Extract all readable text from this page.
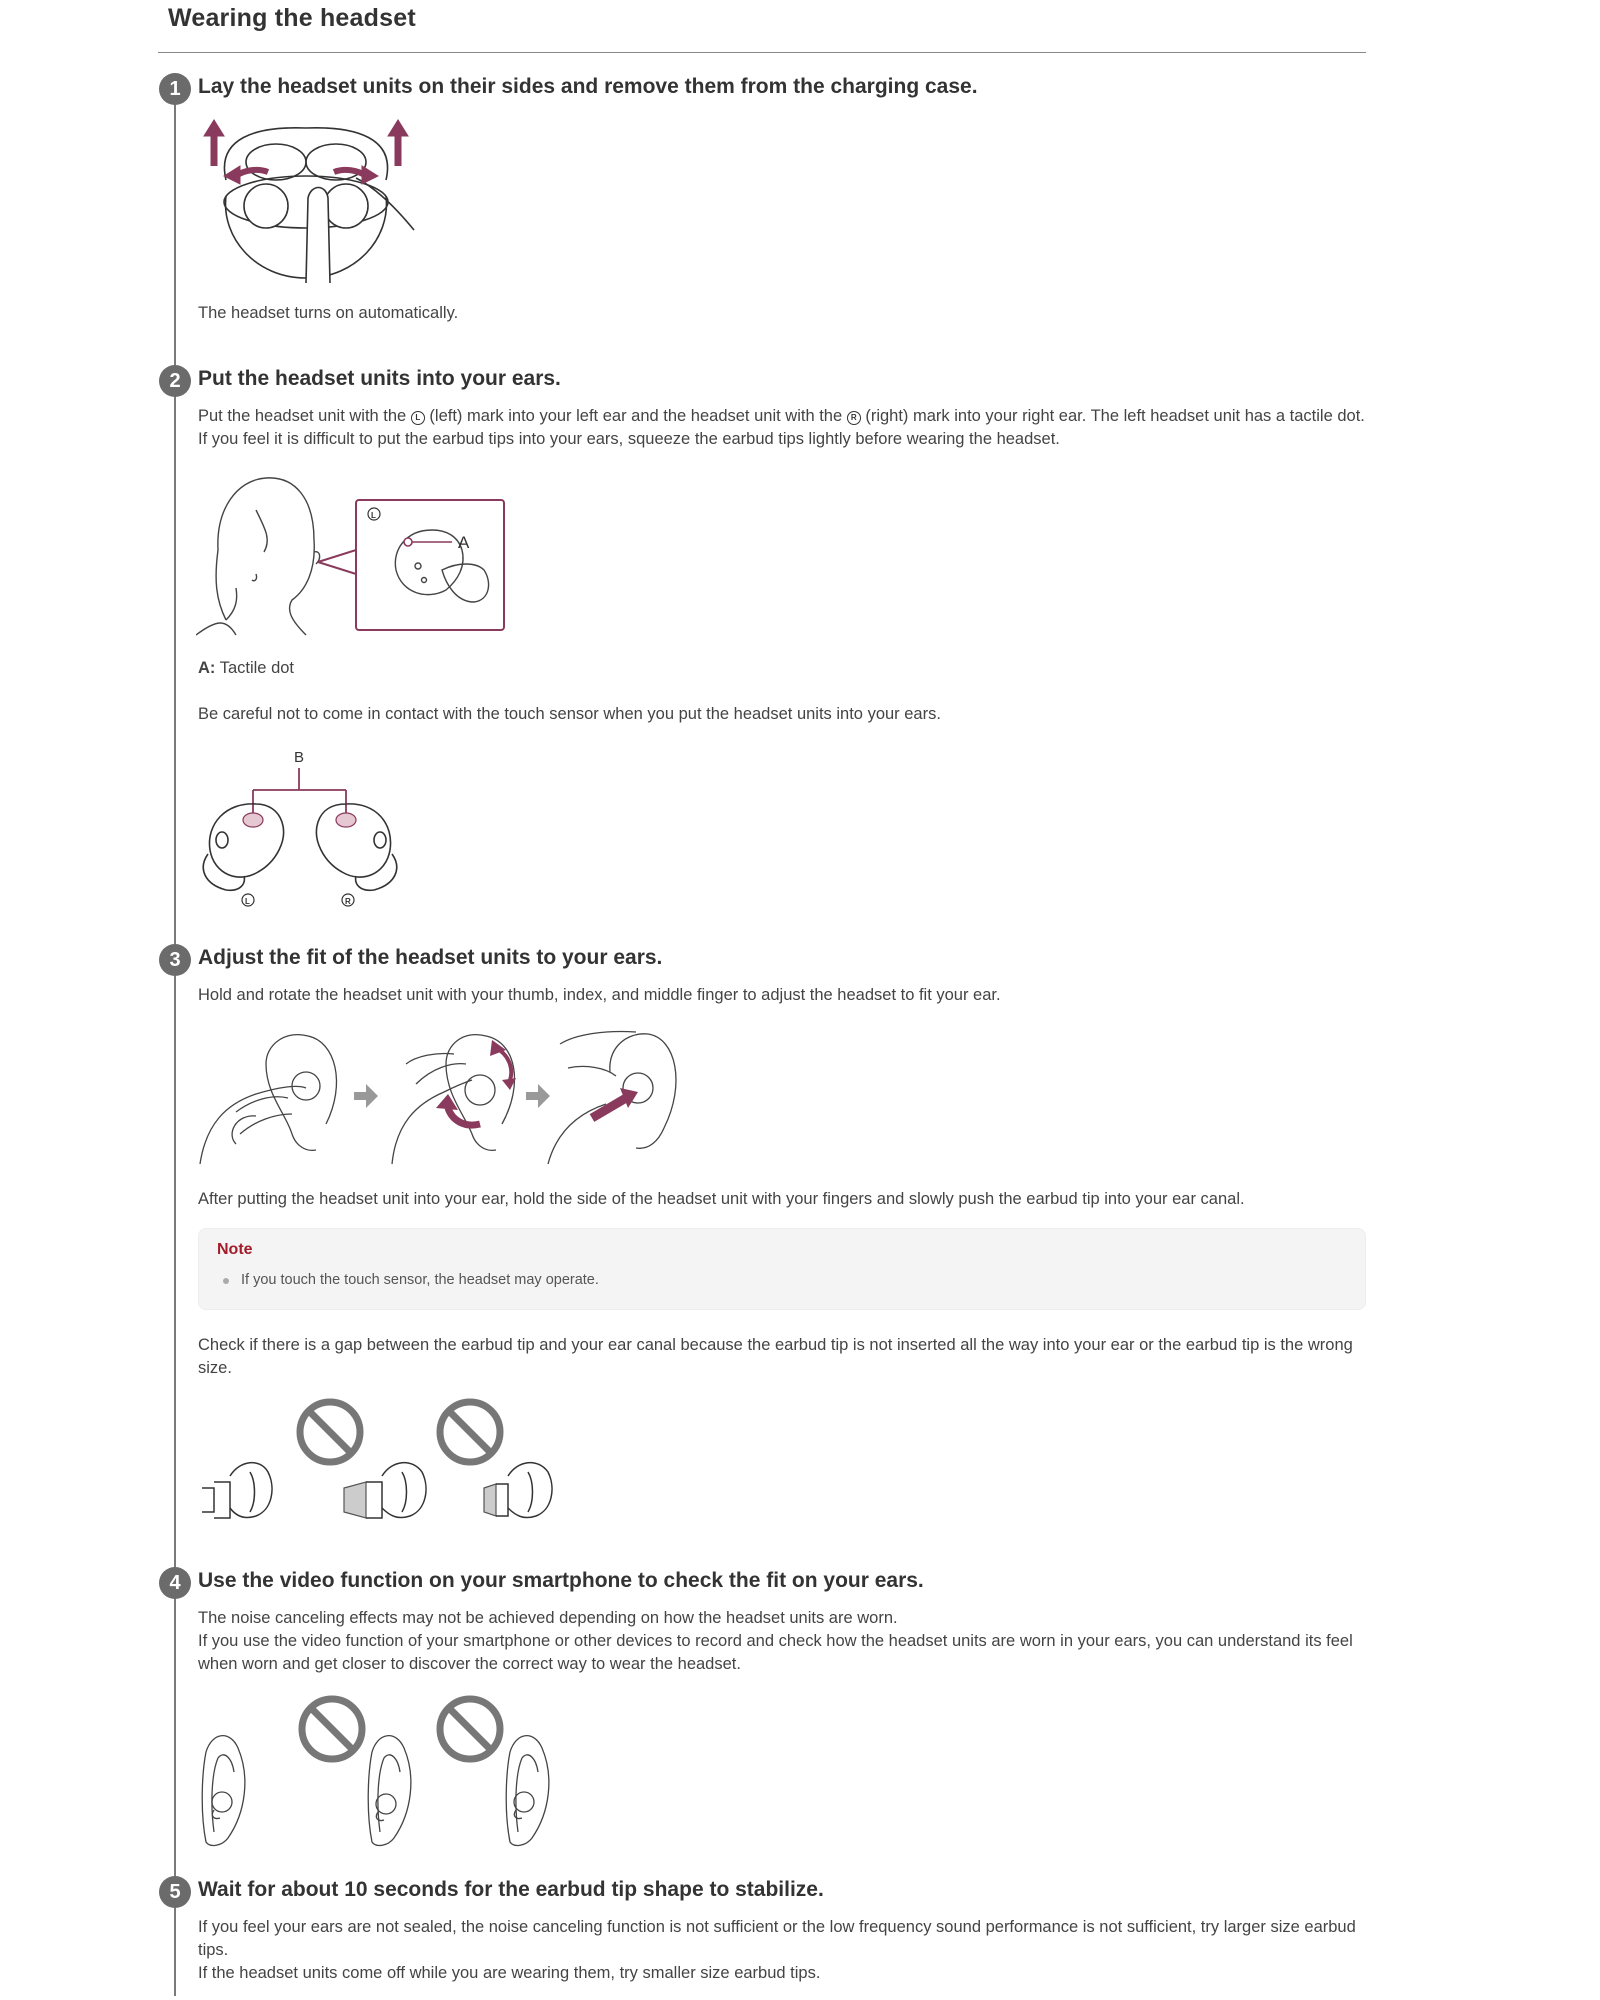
Wearing the headset
1 Lay the headset units on their sides and remove them from the charging case.
The headset turns on automatically.
2 Put the headset units into your ears.
Put the headset unit with the L (left) mark into your left ear and the headset unit with the R (right) mark into your right ear. The left headset unit has a tactile dot.
If you feel it is difficult to put the earbud tips into your ears, squeeze the earbud tips lightly before wearing the headset.
L
A
A: Tactile dot
Be careful not to come in contact with the touch sensor when you put the headset units into your ears.
B
L	R
3 Adjust the fit of the headset units to your ears.
Hold and rotate the headset unit with your thumb, index, and middle finger to adjust the headset to fit your ear.
After putting the headset unit into your ear, hold the side of the headset unit with your fingers and slowly push the earbud tip into your ear canal.
Note
If you touch the touch sensor, the headset may operate.
Check if there is a gap between the earbud tip and your ear canal because the earbud tip is not inserted all the way into your ear or the earbud tip is the wrong
size.
4 Use the video function on your smartphone to check the fit on your ears.
The noise canceling effects may not be achieved depending on how the headset units are worn.
If you use the video function of your smartphone or other devices to record and check how the headset units are worn in your ears, you can understand its feel
when worn and get closer to discover the correct way to wear the headset.
5 Wait for about 10 seconds for the earbud tip shape to stabilize.
If you feel your ears are not sealed, the noise canceling function is not sufficient or the low frequency sound performance is not sufficient, try larger size earbud
tips.
If the headset units come off while you are wearing them, try smaller size earbud tips.
